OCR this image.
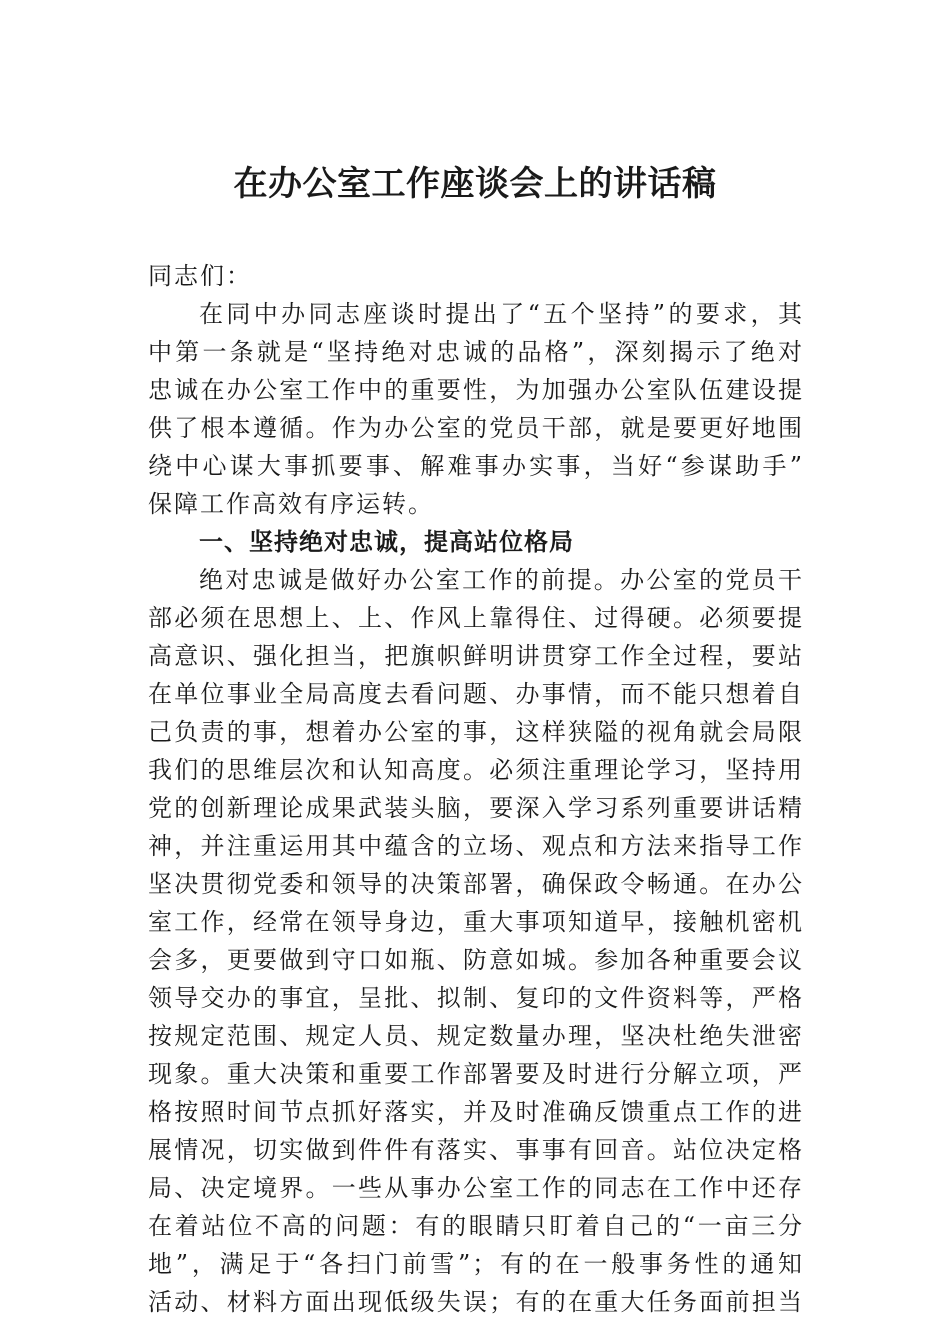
在办公室工作座谈会上的讲话稿
同志们：
在同中办同志座谈时提出了“五个坚持”的要求，其
中第一条就是“坚持绝对忠诚的品格”，深刻揭示了绝对
忠诚在办公室工作中的重要性，为加强办公室队伍建设提
供了根本遵循。作为办公室的党员干部，就是要更好地围
绕中心谋大事抓要事、解难事办实事，当好“参谋助手”
保障工作高效有序运转。
一、坚持绝对忠诚，提高站位格局
绝对忠诚是做好办公室工作的前提。办公室的党员干
部必须在思想上、上、作风上靠得住、过得硬。必须要提
高意识、强化担当，把旗帜鲜明讲贯穿工作全过程，要站
在单位事业全局高度去看问题、办事情，而不能只想着自
己负责的事，想着办公室的事，这样狭隘的视角就会局限
我们的思维层次和认知高度。必须注重理论学习，坚持用
党的创新理论成果武装头脑，要深入学习系列重要讲话精
神，并注重运用其中蕴含的立场、观点和方法来指导工作
坚决贯彻党委和领导的决策部署，确保政令畅通。在办公
室工作，经常在领导身边，重大事项知道早，接触机密机
会多，更要做到守口如瓶、防意如城。参加各种重要会议
领导交办的事宜，呈批、拟制、复印的文件资料等，严格
按规定范围、规定人员、规定数量办理，坚决杜绝失泄密
现象。重大决策和重要工作部署要及时进行分解立项，严
格按照时间节点抓好落实，并及时准确反馈重点工作的进
展情况，切实做到件件有落实、事事有回音。站位决定格
局、决定境界。一些从事办公室工作的同志在工作中还存
在着站位不高的问题：有的眼睛只盯着自己的“一亩三分
地”，满足于“各扫门前雪”；有的在一般事务性的通知
活动、材料方面出现低级失误；有的在重大任务面前担当
